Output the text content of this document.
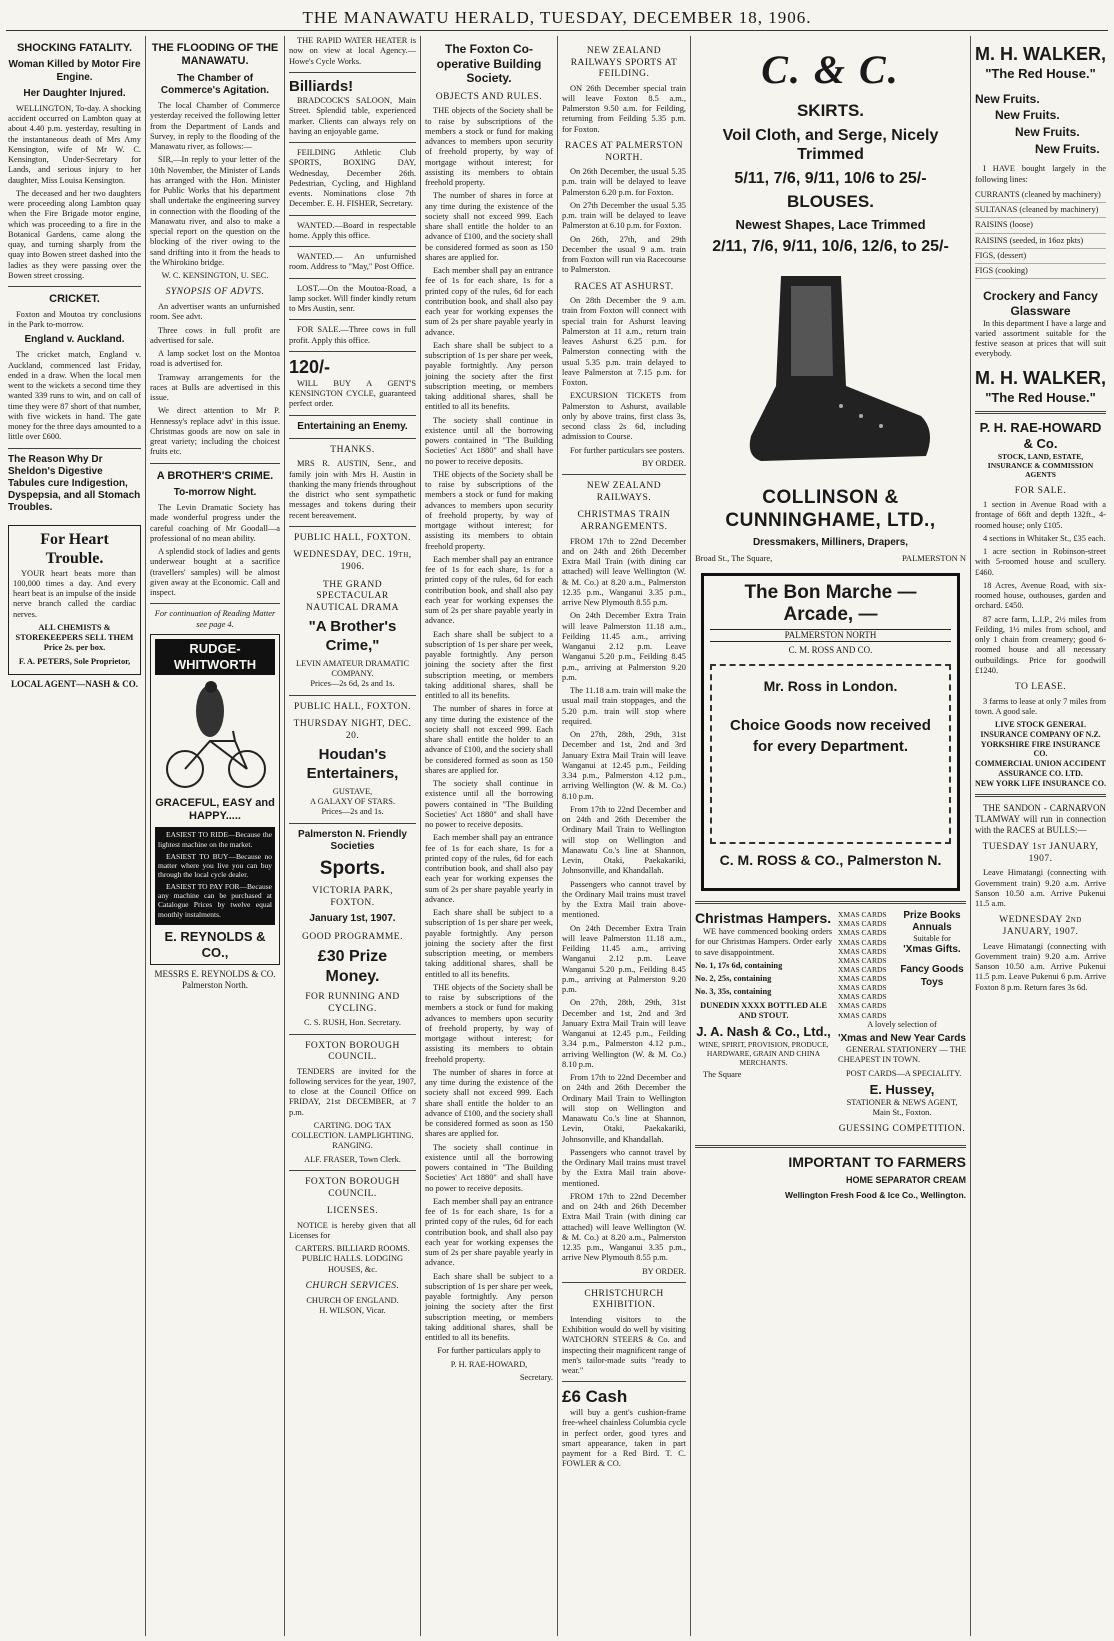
THE MANAWATU HERALD, TUESDAY, DECEMBER 18, 1906.
SHOCKING FATALITY.
Woman Killed by Motor Fire Engine.
Her Daughter Injured.

WELLINGTON, To-day. A shocking accident occurred on Lambton quay at about 4.40 p.m. yesterday, resulting in the instantaneous death of Mrs Amy Kensington, wife of Mr W. C. Kensington, Under-Secretary for Lands, and serious injury to her daughter, Miss Louisa Kensington.

The deceased and her two daughters were proceeding along Lambton quay when the Fire Brigade motor engine, which was proceeding to a fire in the Botanical Gardens, came along the quay, and turning sharply from the quay into Bowen street dashed into the ladies as they were passing over the Bowen street crossing.

CRICKET.

Foxton and Moutoa try conclusions in the Park to-morrow.

England v. Auckland.

The cricket match, England v. Auckland, commenced last Friday, ended in a draw. When the local men went to the wickets a second time they wanted 339 runs to win, and on call of time they were 87 short of that number, with five wickets in hand. The gate money for the three days amounted to a little over £600.

The Reason Why Dr Sheldon's Digestive Tabules cure Indigestion, Dyspepsia, and all Stomach Troubles.
For Heart Trouble.

YOUR heart beats more than 100,000 times a day. And every heart beat is an impulse of the inside nerve branch called the cardiac nerves.

ALL CHEMISTS & STOREKEEPERS SELL THEM Price 2s. per box.

F. A. PETERS, Sole Proprietor,

LOCAL AGENT—NASH & CO.
THE FLOODING OF THE MANAWATU.
The Chamber of Commerce's Agitation.

The local Chamber of Commerce yesterday received the following letter from the Department of Lands and Survey, in reply to the flooding of the Manawatu river, as follows:—

SIR,—In reply to your letter of the 10th November, the Minister of Lands has arranged with the Hon. Minister for Public Works that his department shall undertake the engineering survey in connection with the flooding of the Manawatu river, and also to make a special report on the question on the blocking of the river owing to the sand drifting into it from the heads to the Whirokino bridge.

W. C. KENSINGTON, U. SEC.

SYNOPSIS OF ADVTS.

An advertiser wants an unfurnished room. See advt.

Three cows in full profit are advertised for sale.

A lamp socket lost on the Montoa road is advertised for.

Tramway arrangements for the races at Bulls are advertised in this issue.

We direct attention to Mr P. Hennessy's replace advt' in this issue. Christmas goods are now on sale in great variety; including the choicest fruits etc.

A BROTHER'S CRIME.
To-morrow Night.

The Levin Dramatic Society has made wonderful progress under the careful coaching of Mr Goodall—a professional of no mean ability.

A splendid stock of ladies and gents underwear bought at a sacrifice (travellers' samples) will be almost given away at the Economic. Call and inspect.

For continuation of Reading Matter see page 4.

RUDGE-WHITWORTH
GRACEFUL, EASY and HAPPY.....

EASIEST TO RIDE—Because the lightest machine on the market.

EASIEST TO BUY—Because no matter where you live you can buy through the local cycle dealer.

EASIEST TO PAY FOR—Because any machine can be purchased at Catalogue Prices by twelve equal monthly instalments.

E. REYNOLDS & CO.,
MESSRS E. REYNOLDS & CO.
Palmerston North.

THE RAPID WATER HEATER is now on view at local Agency.—Howe's Cycle Works.

Billiards!

BRADCOCK'S SALOON, Main Street. Splendid table, experienced marker. Clients can always rely on having an enjoyable game.

FEILDING Athletic Club SPORTS, BOXING DAY, Wednesday, December 26th. Pedestrian, Cycling, and Highland events. Nominations close 7th December. E. H. FISHER, Secretary.

WANTED.—Board in respectable home. Apply this office.

WANTED.— An unfurnished room. Address to "May," Post Office.

LOST.—On the Moutoa-Road, a lamp socket. Will finder kindly return to Mrs Austin, senr.

FOR SALE.—Three cows in full profit. Apply this office.

120/-

WILL BUY A GENT'S KENSINGTON CYCLE, guaranteed perfect order.

Entertaining an Enemy.
THANKS.

MRS R. AUSTIN, Senr., and family join with Mrs H. Austin in thanking the many friends throughout the district who sent sympathetic messages and tokens during their recent bereavement.

PUBLIC HALL, FOXTON.
WEDNESDAY, DEC. 19th, 1906.
THE GRAND SPECTACULAR NAUTICAL DRAMA
"A Brother's Crime,"
LEVIN AMATEUR DRAMATIC COMPANY.
Prices—2s 6d, 2s and 1s.
PUBLIC HALL, FOXTON.
THURSDAY NIGHT, DEC. 20.
Houdan's Entertainers,
GUSTAVE,
A GALAXY OF STARS.
Prices—2s and 1s.
Palmerston N. Friendly Societies
Sports.
VICTORIA PARK, FOXTON.
January 1st, 1907.
GOOD PROGRAMME.
£30 Prize Money.
FOR RUNNING AND CYCLING.
C. S. RUSH, Hon. Secretary.
FOXTON BOROUGH COUNCIL.

TENDERS are invited for the following services for the year, 1907, to close at the Council Office on FRIDAY, 21st DECEMBER, at 7 p.m.

CARTING. DOG TAX COLLECTION. LAMPLIGHTING. RANGING.

ALF. FRASER, Town Clerk.

FOXTON BOROUGH COUNCIL.
LICENSES.

NOTICE is hereby given that all Licenses for

CARTERS. BILLIARD ROOMS. PUBLIC HALLS. LODGING HOUSES, &c.

CHURCH SERVICES.
CHURCH OF ENGLAND.
H. WILSON, Vicar.
The Foxton Co-operative Building Society.
OBJECTS AND RULES.

THE objects of the Society shall be to raise by subscriptions of the members a stock or fund for making advances to members upon security of freehold property, by way of mortgage without interest; for assisting its members to obtain freehold property.

The number of shares in force at any time during the existence of the society shall not exceed 999. Each share shall entitle the holder to an advance of £100, and the society shall be considered formed as soon as 150 shares are applied for.

Each member shall pay an entrance fee of 1s for each share, 1s for a printed copy of the rules, 6d for each contribution book, and shall also pay each year for working expenses the sum of 2s per share payable yearly in advance.

Each share shall be subject to a subscription of 1s per share per week, payable fortnightly. Any person joining the society after the first subscription meeting, or members taking additional shares, shall be entitled to all its benefits.

The society shall continue in existence until all the borrowing powers contained in "The Building Societies' Act 1880" and shall have no power to receive deposits.

THE objects of the Society shall be to raise by subscriptions of the members a stock or fund for making advances to members upon security of freehold property, by way of mortgage without interest; for assisting its members to obtain freehold property.

Each member shall pay an entrance fee of 1s for each share, 1s for a printed copy of the rules, 6d for each contribution book, and shall also pay each year for working expenses the sum of 2s per share payable yearly in advance.

Each share shall be subject to a subscription of 1s per share per week, payable fortnightly. Any person joining the society after the first subscription meeting, or members taking additional shares, shall be entitled to all its benefits.

The number of shares in force at any time during the existence of the society shall not exceed 999. Each share shall entitle the holder to an advance of £100, and the society shall be considered formed as soon as 150 shares are applied for.

The society shall continue in existence until all the borrowing powers contained in "The Building Societies' Act 1880" and shall have no power to receive deposits.

Each member shall pay an entrance fee of 1s for each share, 1s for a printed copy of the rules, 6d for each contribution book, and shall also pay each year for working expenses the sum of 2s per share payable yearly in advance.

Each share shall be subject to a subscription of 1s per share per week, payable fortnightly. Any person joining the society after the first subscription meeting, or members taking additional shares, shall be entitled to all its benefits.

THE objects of the Society shall be to raise by subscriptions of the members a stock or fund for making advances to members upon security of freehold property, by way of mortgage without interest; for assisting its members to obtain freehold property.

The number of shares in force at any time during the existence of the society shall not exceed 999. Each share shall entitle the holder to an advance of £100, and the society shall be considered formed as soon as 150 shares are applied for.

The society shall continue in existence until all the borrowing powers contained in "The Building Societies' Act 1880" and shall have no power to receive deposits.

Each member shall pay an entrance fee of 1s for each share, 1s for a printed copy of the rules, 6d for each contribution book, and shall also pay each year for working expenses the sum of 2s per share payable yearly in advance.

Each share shall be subject to a subscription of 1s per share per week, payable fortnightly. Any person joining the society after the first subscription meeting, or members taking additional shares, shall be entitled to all its benefits.

For further particulars apply to

P. H. RAE-HOWARD,

Secretary.

NEW ZEALAND RAILWAYS SPORTS AT FEILDING.

ON 26th December special train will leave Foxton 8.5 a.m., Palmerston 9.50 a.m. for Feilding, returning from Feilding 5.35 p.m. for Foxton.

RACES AT PALMERSTON NORTH.

On 26th December, the usual 5.35 p.m. train will be delayed to leave Palmerston 6.20 p.m. for Foxton.

On 27th December the usual 5.35 p.m. train will be delayed to leave Palmerston at 6.10 p.m. for Foxton.

On 26th, 27th, and 29th December the usual 9 a.m. train from Foxton will run via Racecourse to Palmerston.

RACES AT ASHURST.

On 28th December the 9 a.m. train from Foxton will connect with special train for Ashurst leaving Palmerston at 11 a.m., return train leaves Ashurst 6.25 p.m. for Palmerston connecting with the usual 5.35 p.m. train delayed to leave Palmerston at 7.15 p.m. for Foxton.

EXCURSION TICKETS from Palmerston to Ashurst, available only by above trains, first class 3s, second class 2s 6d, including admission to Course.

For further particulars see posters.

BY ORDER.

NEW ZEALAND RAILWAYS.
CHRISTMAS TRAIN ARRANGEMENTS.

FROM 17th to 22nd December and on 24th and 26th December Extra Mail Train (with dining car attached) will leave Wellington (W. & M. Co.) at 8.20 a.m., Palmerston 12.35 p.m., Wanganui 3.35 p.m., arrive New Plymouth 8.55 p.m.

On 24th December Extra Train will leave Palmerston 11.18 a.m., Feilding 11.45 a.m., arriving Wanganui 2.12 p.m. Leave Wanganui 5.20 p.m., Feilding 8.45 p.m., arriving at Palmerston 9.20 p.m.

The 11.18 a.m. train will make the usual mail train stoppages, and the 5.20 p.m. train will stop where required.

On 27th, 28th, 29th, 31st December and 1st, 2nd and 3rd January Extra Mail Train will leave Wanganui at 12.45 p.m., Feilding 3.34 p.m., Palmerston 4.12 p.m., arriving Wellington (W. & M. Co.) 8.10 p.m.

From 17th to 22nd December and on 24th and 26th December the Ordinary Mail Train to Wellington will stop on Wellington and Manawatu Co.'s line at Shannon, Levin, Otaki, Paekakariki, Johnsonville, and Khandallah.

Passengers who cannot travel by the Ordinary Mail trains must travel by the Extra Mail train above-mentioned.

On 24th December Extra Train will leave Palmerston 11.18 a.m., Feilding 11.45 a.m., arriving Wanganui 2.12 p.m. Leave Wanganui 5.20 p.m., Feilding 8.45 p.m., arriving at Palmerston 9.20 p.m.

On 27th, 28th, 29th, 31st December and 1st, 2nd and 3rd January Extra Mail Train will leave Wanganui at 12.45 p.m., Feilding 3.34 p.m., Palmerston 4.12 p.m., arriving Wellington (W. & M. Co.) 8.10 p.m.

From 17th to 22nd December and on 24th and 26th December the Ordinary Mail Train to Wellington will stop on Wellington and Manawatu Co.'s line at Shannon, Levin, Otaki, Paekakariki, Johnsonville, and Khandallah.

Passengers who cannot travel by the Ordinary Mail trains must travel by the Extra Mail train above-mentioned.

FROM 17th to 22nd December and on 24th and 26th December Extra Mail Train (with dining car attached) will leave Wellington (W. & M. Co.) at 8.20 a.m., Palmerston 12.35 p.m., Wanganui 3.35 p.m., arrive New Plymouth 8.55 p.m.

BY ORDER.

CHRISTCHURCH EXHIBITION.

Intending visitors to the Exhibition would do well by visiting WATCHORN STEERS & Co. and inspecting their magnificent range of men's tailor-made suits "ready to wear."

£6 Cash

will buy a gent's cushion-frame free-wheel chainless Columbia cycle in perfect order, good tyres and smart appearance, taken in part payment for a Red Bird. T. C. FOWLER & CO.

C. & C.
SKIRTS.
Voil Cloth, and Serge, Nicely Trimmed
5/11, 7/6, 9/11, 10/6 to 25/-
BLOUSES.
Newest Shapes, Lace Trimmed
2/11, 7/6, 9/11, 10/6, 12/6, to 25/-
COLLINSON & CUNNINGHAME, LTD.,
Dressmakers, Milliners, Drapers,
Broad St., The Square,	PALMERSTON N
The Bon Marche — Arcade, —
PALMERSTON NORTH
C. M. ROSS AND CO.
Mr. Ross in London.
Choice Goods now received for every Department.
C. M. ROSS & CO., Palmerston N.
Christmas Hampers.

WE have commenced booking orders for our Christmas Hampers. Order early to save disappointment.

No. 1, 17s 6d, containing

No. 2, 25s, containing

No. 3, 35s, containing

DUNEDIN XXXX BOTTLED ALE AND STOUT.

J. A. Nash & Co., Ltd.,

WINE, SPIRIT, PROVISION, PRODUCE, HARDWARE, GRAIN AND CHINA MERCHANTS.

The Square

XMAS CARDS
XMAS CARDS
XMAS CARDS
XMAS CARDS
XMAS CARDS
XMAS CARDS
XMAS CARDS
XMAS CARDS
XMAS CARDS
XMAS CARDS
XMAS CARDS
XMAS CARDS
Prize Books
Annuals
Suitable for
'Xmas Gifts.
Fancy Goods
Toys

A lovely selection of

'Xmas and New Year Cards

GENERAL STATIONERY — THE CHEAPEST IN TOWN.

POST CARDS—A SPECIALITY.

E. Hussey,

STATIONER & NEWS AGENT, Main St., Foxton.

GUESSING COMPETITION.
IMPORTANT TO FARMERS
HOME SEPARATOR CREAM
Wellington Fresh Food & Ice Co., Wellington.
M. H. WALKER,
"The Red House."
New Fruits.
New Fruits.
New Fruits.
New Fruits.

I HAVE bought largely in the following lines:

CURRANTS (cleaned by machinery)
SULTANAS (cleaned by machinery)
RAISINS (loose)
RAISINS (seeded, in 16oz pkts)
FIGS, (dessert)
FIGS (cooking)
Crockery and Fancy Glassware

In this department I have a large and varied assortment suitable for the festive season at prices that will suit everybody.

M. H. WALKER,
"The Red House."
P. H. RAE-HOWARD & Co.
STOCK, LAND, ESTATE, INSURANCE & COMMISSION AGENTS
FOR SALE.

1 section in Avenue Road with a frontage of 66ft and depth 132ft., 4-roomed house; only £105.

4 sections in Whitaker St., £35 each.

1 acre section in Robinson-street with 5-roomed house and scullery. £460.

18 Acres, Avenue Road, with six-roomed house, outhouses, garden and orchard. £450.

87 acre farm, L.I.P., 2½ miles from Feilding, 1½ miles from school, and only 1 chain from creamery; good 6-roomed house and all necessary outbuildings. Price for goodwill £1240.

TO LEASE.

3 farms to lease at only 7 miles from town. A good sale.

LIVE STOCK GENERAL INSURANCE COMPANY OF N.Z.
YORKSHIRE FIRE INSURANCE CO.
COMMERCIAL UNION ACCIDENT ASSURANCE CO. LTD.
NEW YORK LIFE INSURANCE CO.

THE SANDON - CARNARVON TLAMWAY will run in connection with the RACES at BULLS:—

TUESDAY 1st JANUARY, 1907.

Leave Himatangi (connecting with Government train) 9.20 a.m. Arrive Sanson 10.50 a.m. Arrive Pukenui 11.5 a.m.

WEDNESDAY 2nd JANUARY, 1907.

Leave Himatangi (connecting with Government train) 9.20 a.m. Arrive Sanson 10.50 a.m. Arrive Pukenui 11.5 p.m. Leave Pukenui 6 p.m. Arrive Foxton 8 p.m. Return fares 3s 6d.
